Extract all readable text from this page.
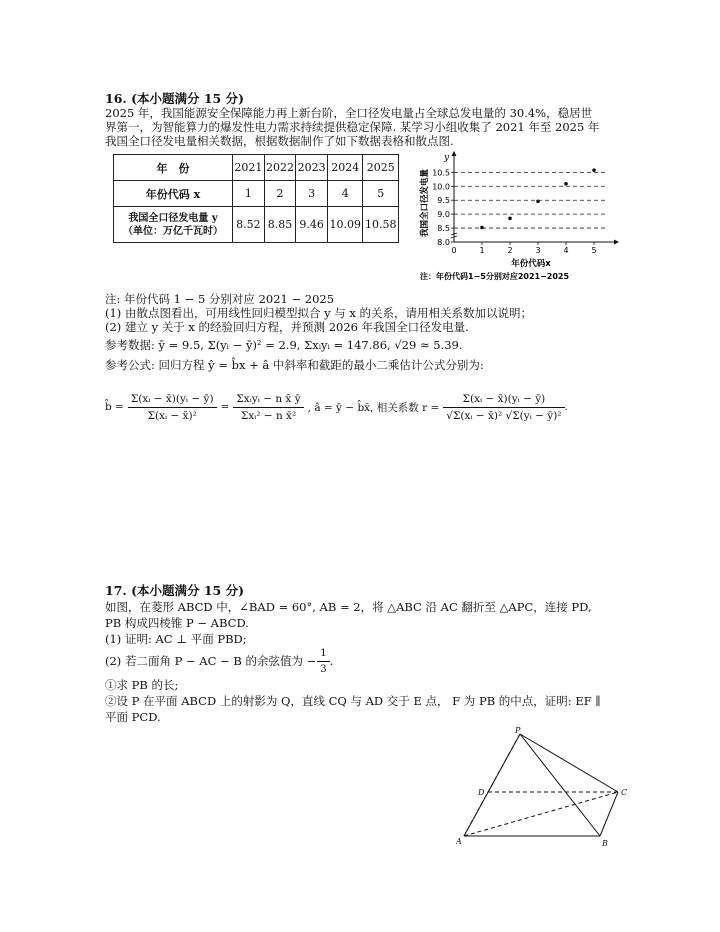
16. (本小题满分 15 分)
2025 年，我国能源安全保障能力再上新台阶，全口径发电量占全球总发电量的 30.4%，稳居世
界第一，为智能算力的爆发性电力需求持续提供稳定保障. 某学习小组收集了 2021 年至 2025 年
我国全口径发电量相关数据，根据数据制作了如下数据表格和散点图.
年　份	2021	2022	2023	2024	2025
年份代码 x	1	2	3	4	5

我国全口径发电量 y
（单位：万亿千瓦时）	8.52	8.85	9.46	10.09	10.58
8.0
8.5
9.0
9.5
10.0
10.5
y
0	1	2	3	4	5
我国全口径发电量
年份代码x
注：年份代码1−5分别对应2021−2025
注: 年份代码 1 − 5 分别对应 2021 − 2025
(1) 由散点图看出，可用线性回归模型拟合 y 与 x 的关系，请用相关系数加以说明；
(2) 建立 y 关于 x 的经验回归方程，并预测 2026 年我国全口径发电量.
参考数据: ȳ = 9.5, Σ(yᵢ − ȳ)² = 2.9, Σxᵢyᵢ = 147.86, √29 ≈ 5.39.
参考公式: 回归方程 ŷ = b̂x + â 中斜率和截距的最小二乘估计公式分别为:
b̂ = $\frac{\text{Σ(xᵢ − x̄)(yᵢ − ȳ)}}{\text{Σ(xᵢ − x̄)²}} = \frac{\text{Σxᵢyᵢ − n x̄ ȳ}}{\text{Σxᵢ² − n x̄²}}$ , â = ȳ − b̂x̄, 相关系数 $r = \frac{\text{Σ(xᵢ − x̄)(yᵢ − ȳ)}}{\text{√Σ(xᵢ − x̄)² √Σ(yᵢ − ȳ)²}}$ .
17. (本小题满分 15 分)
如图，在菱形 ABCD 中，∠BAD = 60°, AB = 2，将 △ABC 沿 AC 翻折至 △APC，连接 PD,
PB 构成四棱锥 P − ABCD.
(1) 证明: AC ⊥ 平面 PBD;
(2) 若二面角 P − AC − B 的余弦值为 − $\frac{1}{3}$ .
①求 PB 的长;
②设 P 在平面 ABCD 上的射影为 Q，直线 CQ 与 AD 交于 E 点， F 为 PB 的中点，证明: EF ∥
平面 PCD.
P
D	C
A	B
